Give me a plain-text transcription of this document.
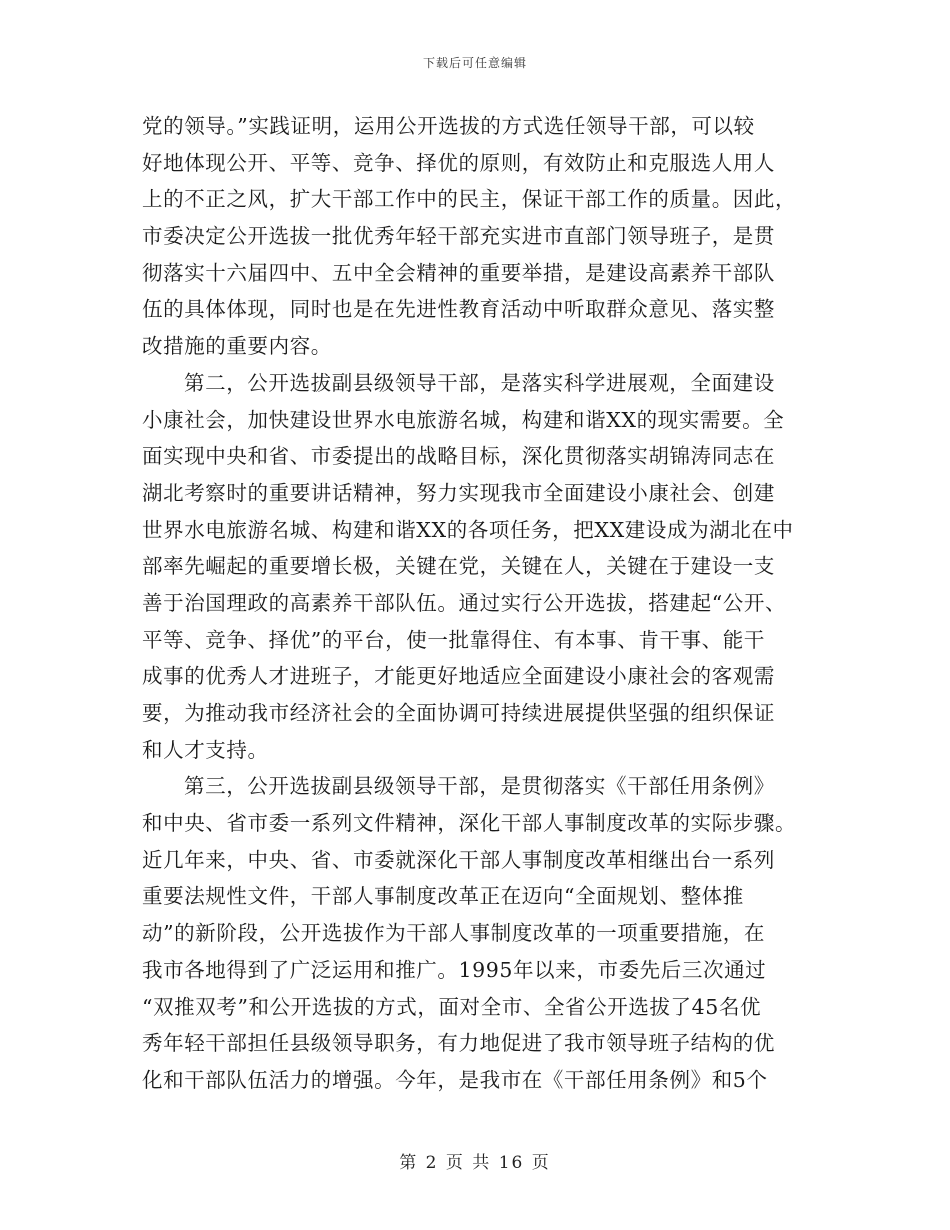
下载后可任意编辑
党的领导。”实践证明，运用公开选拔的方式选任领导干部，可以较
好地体现公开、平等、竞争、择优的原则，有效防止和克服选人用人
上的不正之风，扩大干部工作中的民主，保证干部工作的质量。因此，
市委决定公开选拔一批优秀年轻干部充实进市直部门领导班子，是贯
彻落实十六届四中、五中全会精神的重要举措，是建设高素养干部队
伍的具体体现，同时也是在先进性教育活动中听取群众意见、落实整
改措施的重要内容。
第二，公开选拔副县级领导干部，是落实科学进展观，全面建设
小康社会，加快建设世界水电旅游名城，构建和谐XX的现实需要。全
面实现中央和省、市委提出的战略目标，深化贯彻落实胡锦涛同志在
湖北考察时的重要讲话精神，努力实现我市全面建设小康社会、创建
世界水电旅游名城、构建和谐XX的各项任务，把XX建设成为湖北在中
部率先崛起的重要增长极，关键在党，关键在人，关键在于建设一支
善于治国理政的高素养干部队伍。通过实行公开选拔，搭建起“公开、
平等、竞争、择优”的平台，使一批靠得住、有本事、肯干事、能干
成事的优秀人才进班子，才能更好地适应全面建设小康社会的客观需
要，为推动我市经济社会的全面协调可持续进展提供坚强的组织保证
和人才支持。
第三，公开选拔副县级领导干部，是贯彻落实《干部任用条例》
和中央、省市委一系列文件精神，深化干部人事制度改革的实际步骤。
近几年来，中央、省、市委就深化干部人事制度改革相继出台一系列
重要法规性文件，干部人事制度改革正在迈向“全面规划、整体推
动”的新阶段，公开选拔作为干部人事制度改革的一项重要措施，在
我市各地得到了广泛运用和推广。1995年以来，市委先后三次通过
“双推双考”和公开选拔的方式，面对全市、全省公开选拔了45名优
秀年轻干部担任县级领导职务，有力地促进了我市领导班子结构的优
化和干部队伍活力的增强。今年，是我市在《干部任用条例》和5个
第 2 页 共 16 页
